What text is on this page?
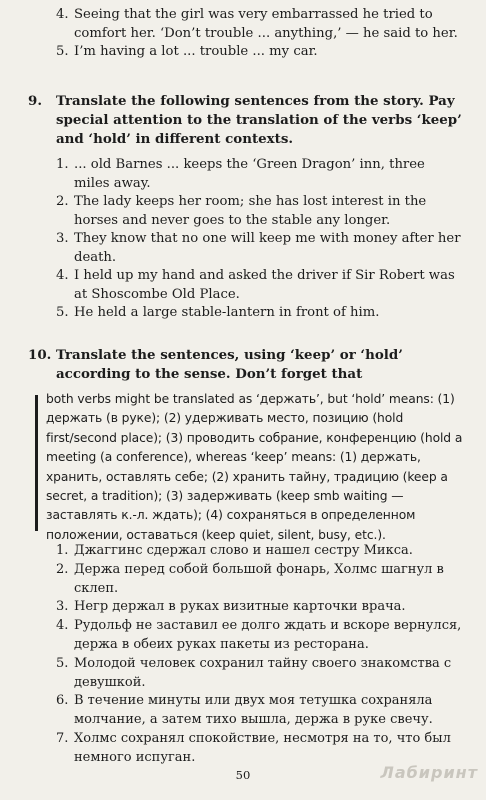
4. Seeing that the girl was very embarrassed he tried to comfort her. ‘Don’t trouble ... anything,’ — he said to her.
5. I’m having a lot ... trouble ... my car.
9. Translate the following sentences from the story. Pay special attention to the translation of the verbs ‘keep’ and ‘hold’ in different contexts.
1. ... old Barnes ... keeps the ‘Green Dragon’ inn, three miles away.
2. The lady keeps her room; she has lost interest in the horses and never goes to the stable any longer.
3. They know that no one will keep me with money after her death.
4. I held up my hand and asked the driver if Sir Robert was at Shoscombe Old Place.
5. He held a large stable-lantern in front of him.
10. Translate the sentences, using ‘keep’ or ‘hold’ according to the sense. Don’t forget that
both verbs might be translated as ‘держать’, but ‘hold’ means: (1) держать (в руке); (2) удерживать место, позицию (hold first/second place); (3) проводить собрание, конференцию (hold a meeting (a conference), whereas ‘keep’ means: (1) держать, хранить, оставлять себе; (2) хранить тайну, традицию (keep a secret, a tradition); (3) задерживать (keep smb waiting — заставлять к.-л. ждать); (4) сохраняться в определенном положении, оставаться (keep quiet, silent, busy, etc.).
1. Джаггинс сдержал слово и нашел сестру Микса.
2. Держа перед собой большой фонарь, Холмс шагнул в склеп.
3. Негр держал в руках визитные карточки врача.
4. Рудольф не заставил ее долго ждать и вскоре вернулся, держа в обеих руках пакеты из ресторана.
5. Молодой человек сохранил тайну своего знакомства с девушкой.
6. В течение минуты или двух моя тетушка сохраняла молчание, а затем тихо вышла, держа в руке свечу.
7. Холмс сохранял спокойствие, несмотря на то, что был немного испуган.
50	Лабиринт
